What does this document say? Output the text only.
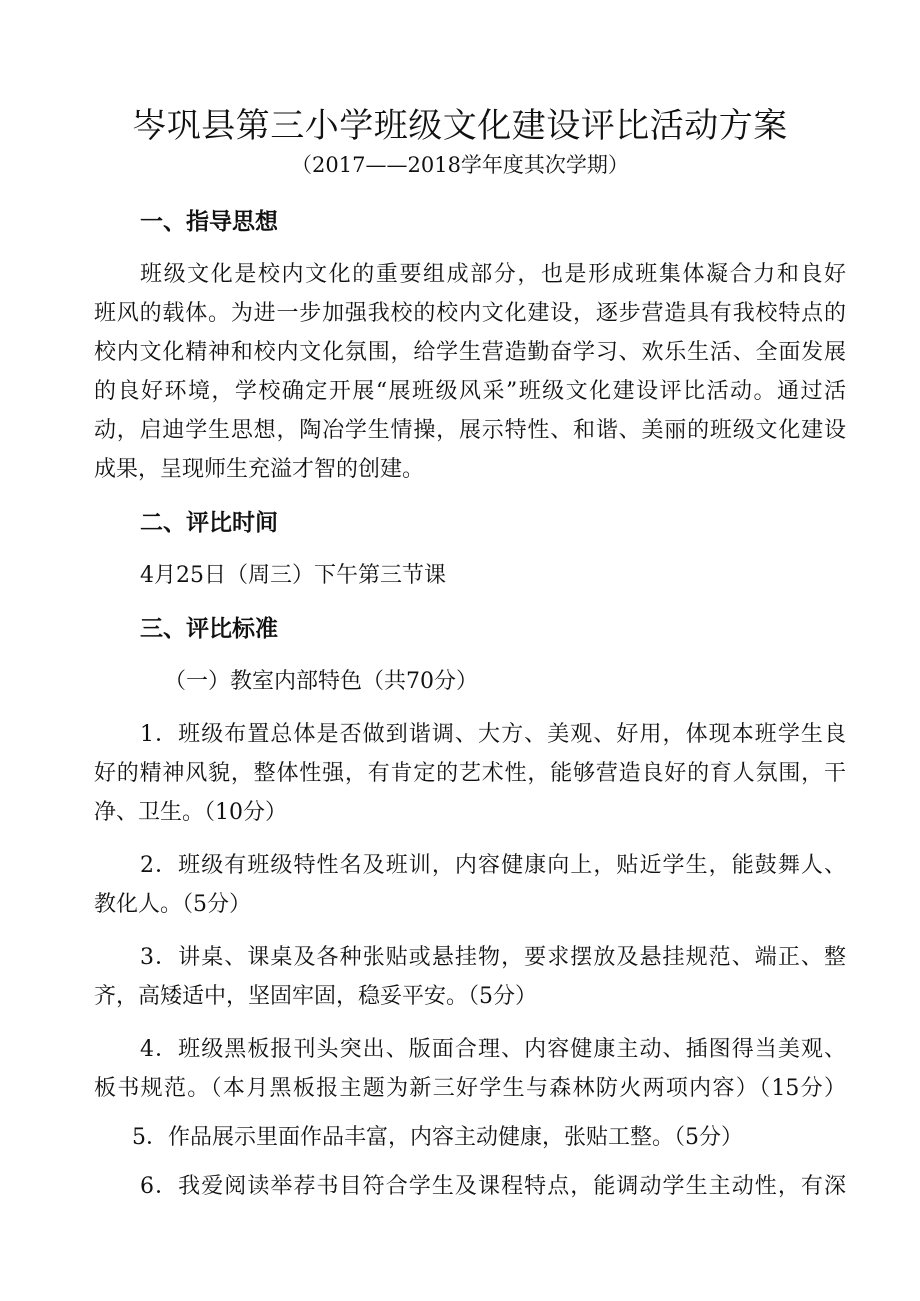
岑巩县第三小学班级文化建设评比活动方案
（2017——2018学年度其次学期）
一、指导思想
班级文化是校内文化的重要组成部分，也是形成班集体凝合力和良好
班风的载体。为进一步加强我校的校内文化建设，逐步营造具有我校特点的
校内文化精神和校内文化氛围，给学生营造勤奋学习、欢乐生活、全面发展
的良好环境，学校确定开展“展班级风采”班级文化建设评比活动。通过活
动，启迪学生思想，陶冶学生情操，展示特性、和谐、美丽的班级文化建设
成果，呈现师生充溢才智的创建。
二、评比时间
4月25日（周三）下午第三节课
三、评比标准
（一）教室内部特色（共70分）
1．班级布置总体是否做到谐调、大方、美观、好用，体现本班学生良
好的精神风貌，整体性强，有肯定的艺术性，能够营造良好的育人氛围，干
净、卫生。（10分）
2．班级有班级特性名及班训，内容健康向上，贴近学生，能鼓舞人、
教化人。（5分）
3．讲桌、课桌及各种张贴或悬挂物，要求摆放及悬挂规范、端正、整
齐，高矮适中，坚固牢固，稳妥平安。（5分）
4．班级黑板报刊头突出、版面合理、内容健康主动、插图得当美观、
板书规范。（本月黑板报主题为新三好学生与森林防火两项内容）（15分）
5．作品展示里面作品丰富，内容主动健康，张贴工整。（5分）
6．我爱阅读举荐书目符合学生及课程特点，能调动学生主动性，有深
